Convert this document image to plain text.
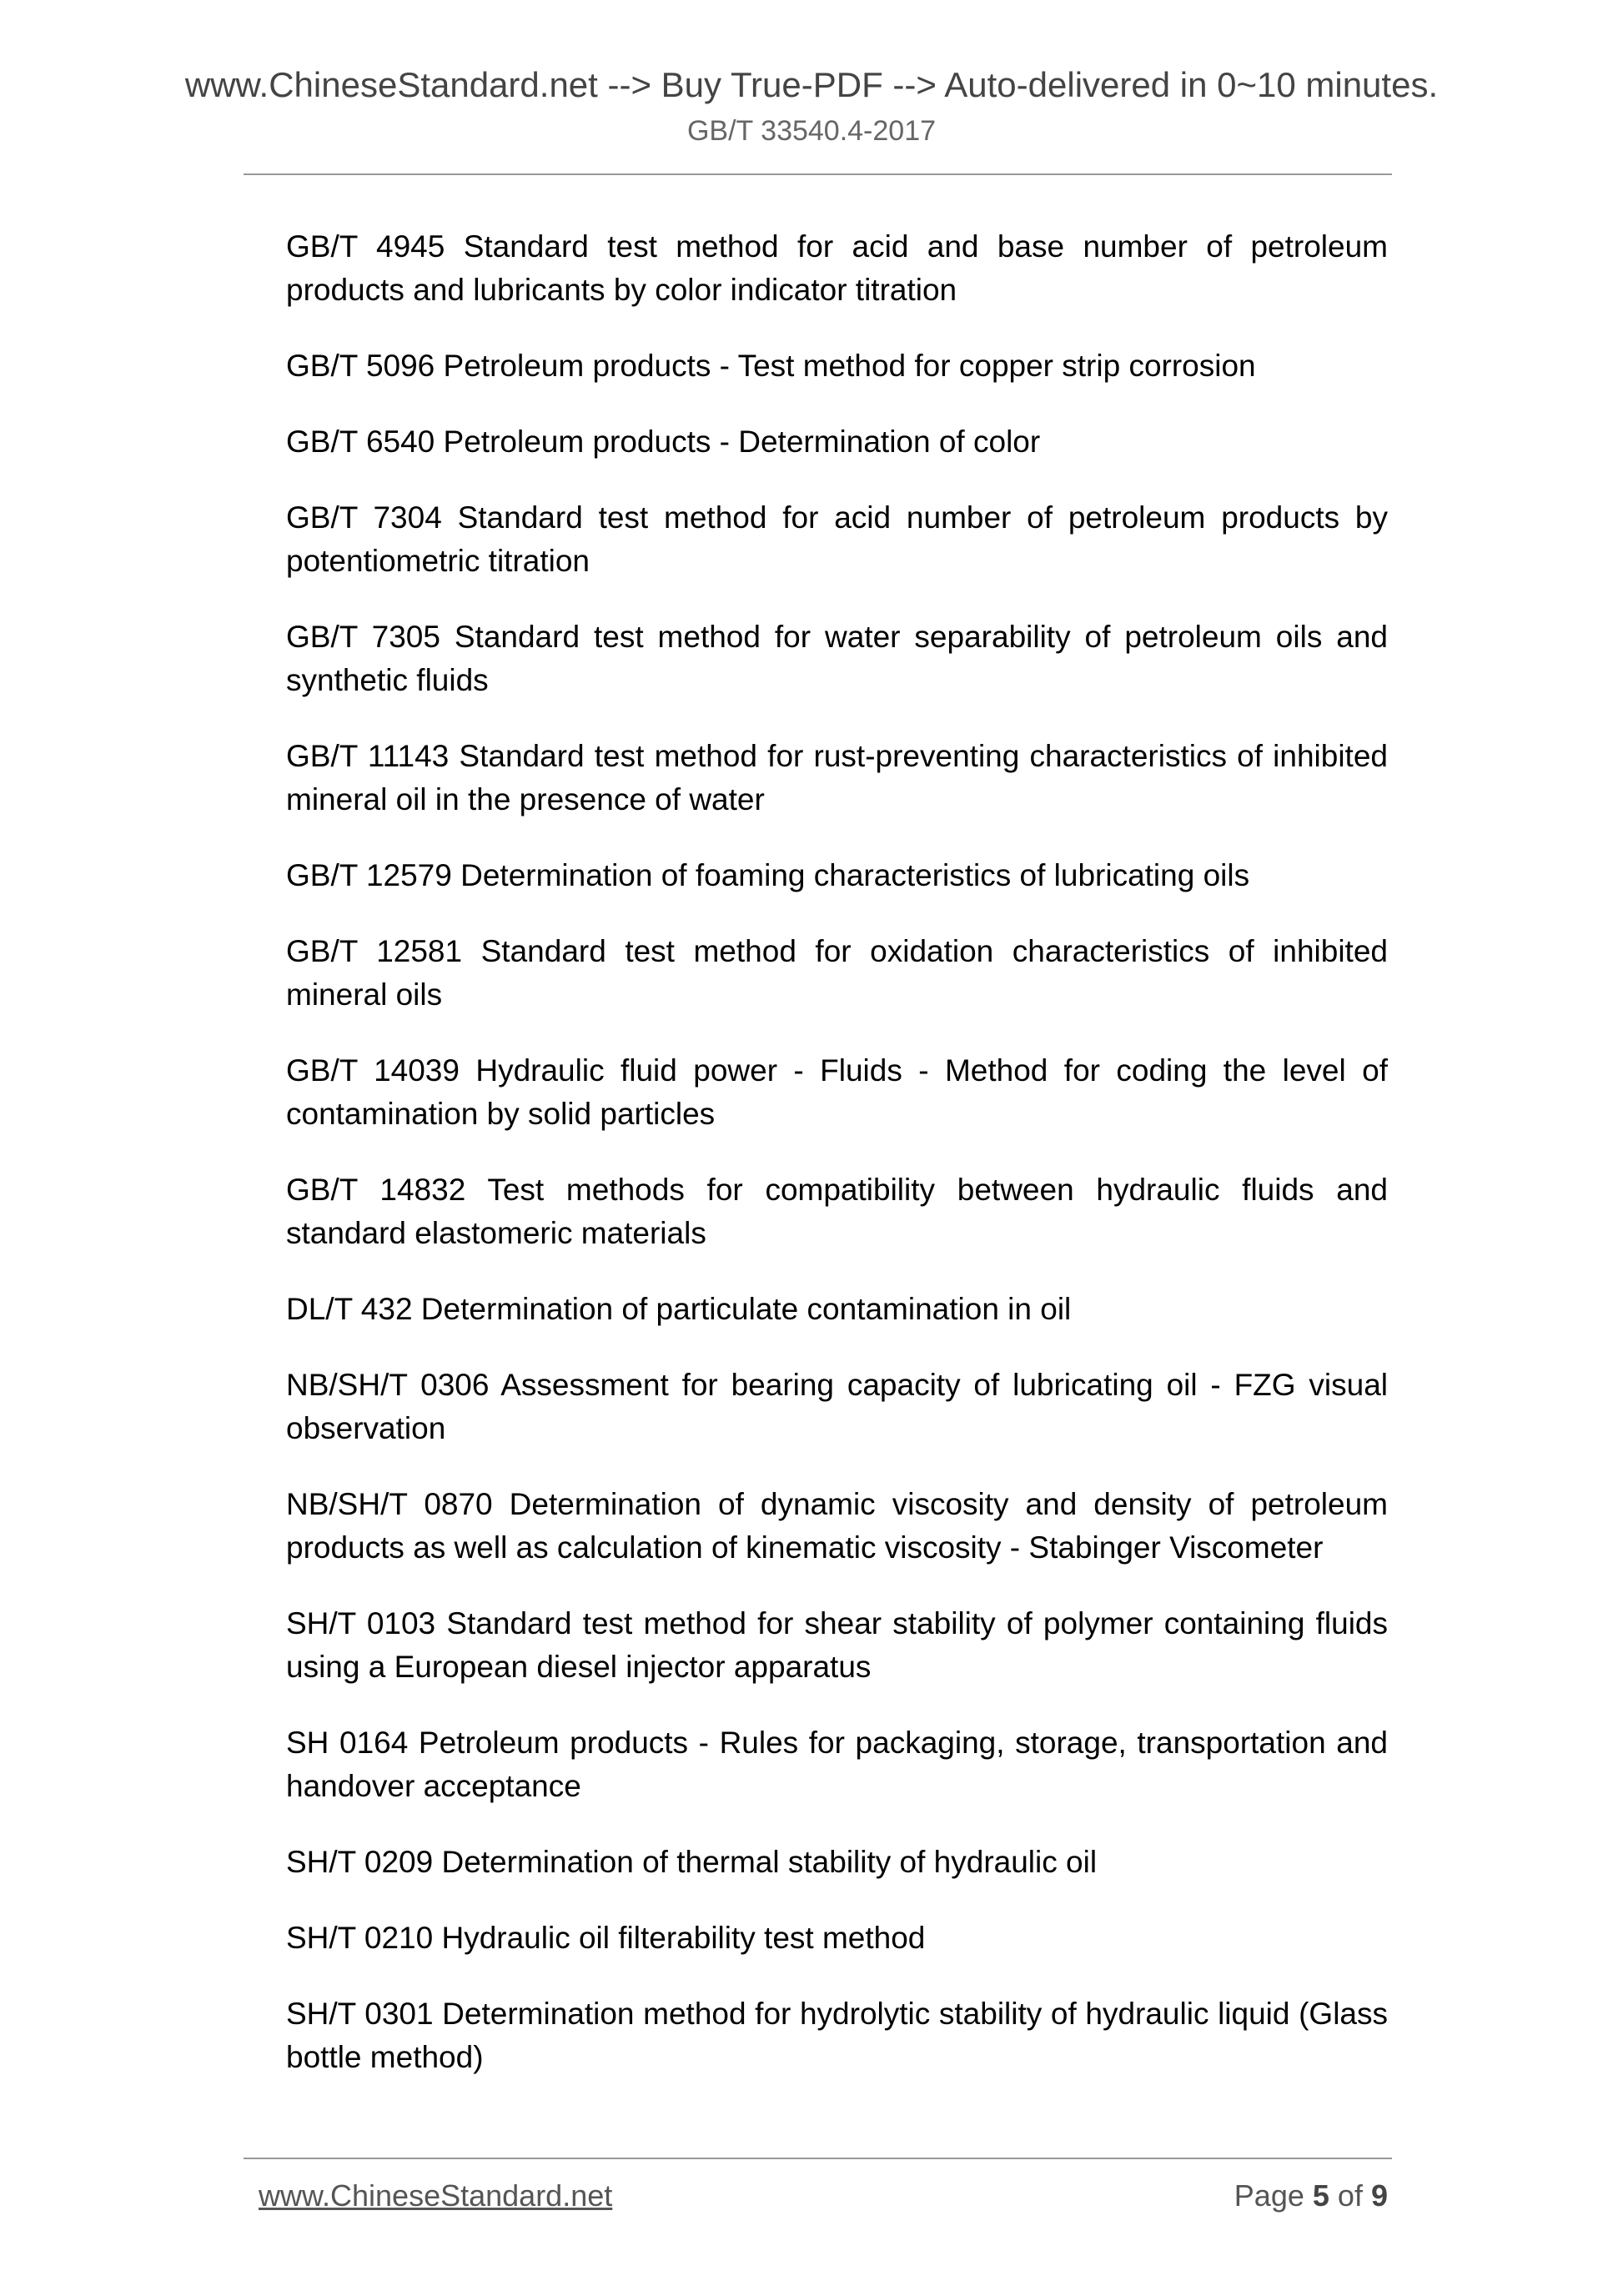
www.ChineseStandard.net --> Buy True-PDF --> Auto-delivered in 0~10 minutes.
GB/T 33540.4-2017

GB/T 4945 Standard test method for acid and base number of petroleum products and lubricants by color indicator titration

GB/T 5096 Petroleum products - Test method for copper strip corrosion

GB/T 6540 Petroleum products - Determination of color

GB/T 7304 Standard test method for acid number of petroleum products by potentiometric titration

GB/T 7305 Standard test method for water separability of petroleum oils and synthetic fluids

GB/T 11143 Standard test method for rust-preventing characteristics of inhibited mineral oil in the presence of water

GB/T 12579 Determination of foaming characteristics of lubricating oils

GB/T 12581 Standard test method for oxidation characteristics of inhibited mineral oils

GB/T 14039 Hydraulic fluid power - Fluids - Method for coding the level of contamination by solid particles

GB/T 14832 Test methods for compatibility between hydraulic fluids and standard elastomeric materials

DL/T 432 Determination of particulate contamination in oil

NB/SH/T 0306 Assessment for bearing capacity of lubricating oil - FZG visual observation

NB/SH/T 0870 Determination of dynamic viscosity and density of petroleum products as well as calculation of kinematic viscosity - Stabinger Viscometer

SH/T 0103 Standard test method for shear stability of polymer containing fluids using a European diesel injector apparatus

SH 0164 Petroleum products - Rules for packaging, storage, transportation and handover acceptance

SH/T 0209 Determination of thermal stability of hydraulic oil

SH/T 0210 Hydraulic oil filterability test method

SH/T 0301 Determination method for hydrolytic stability of hydraulic liquid (Glass bottle method)

www.ChineseStandard.net	Page 5 of 9
